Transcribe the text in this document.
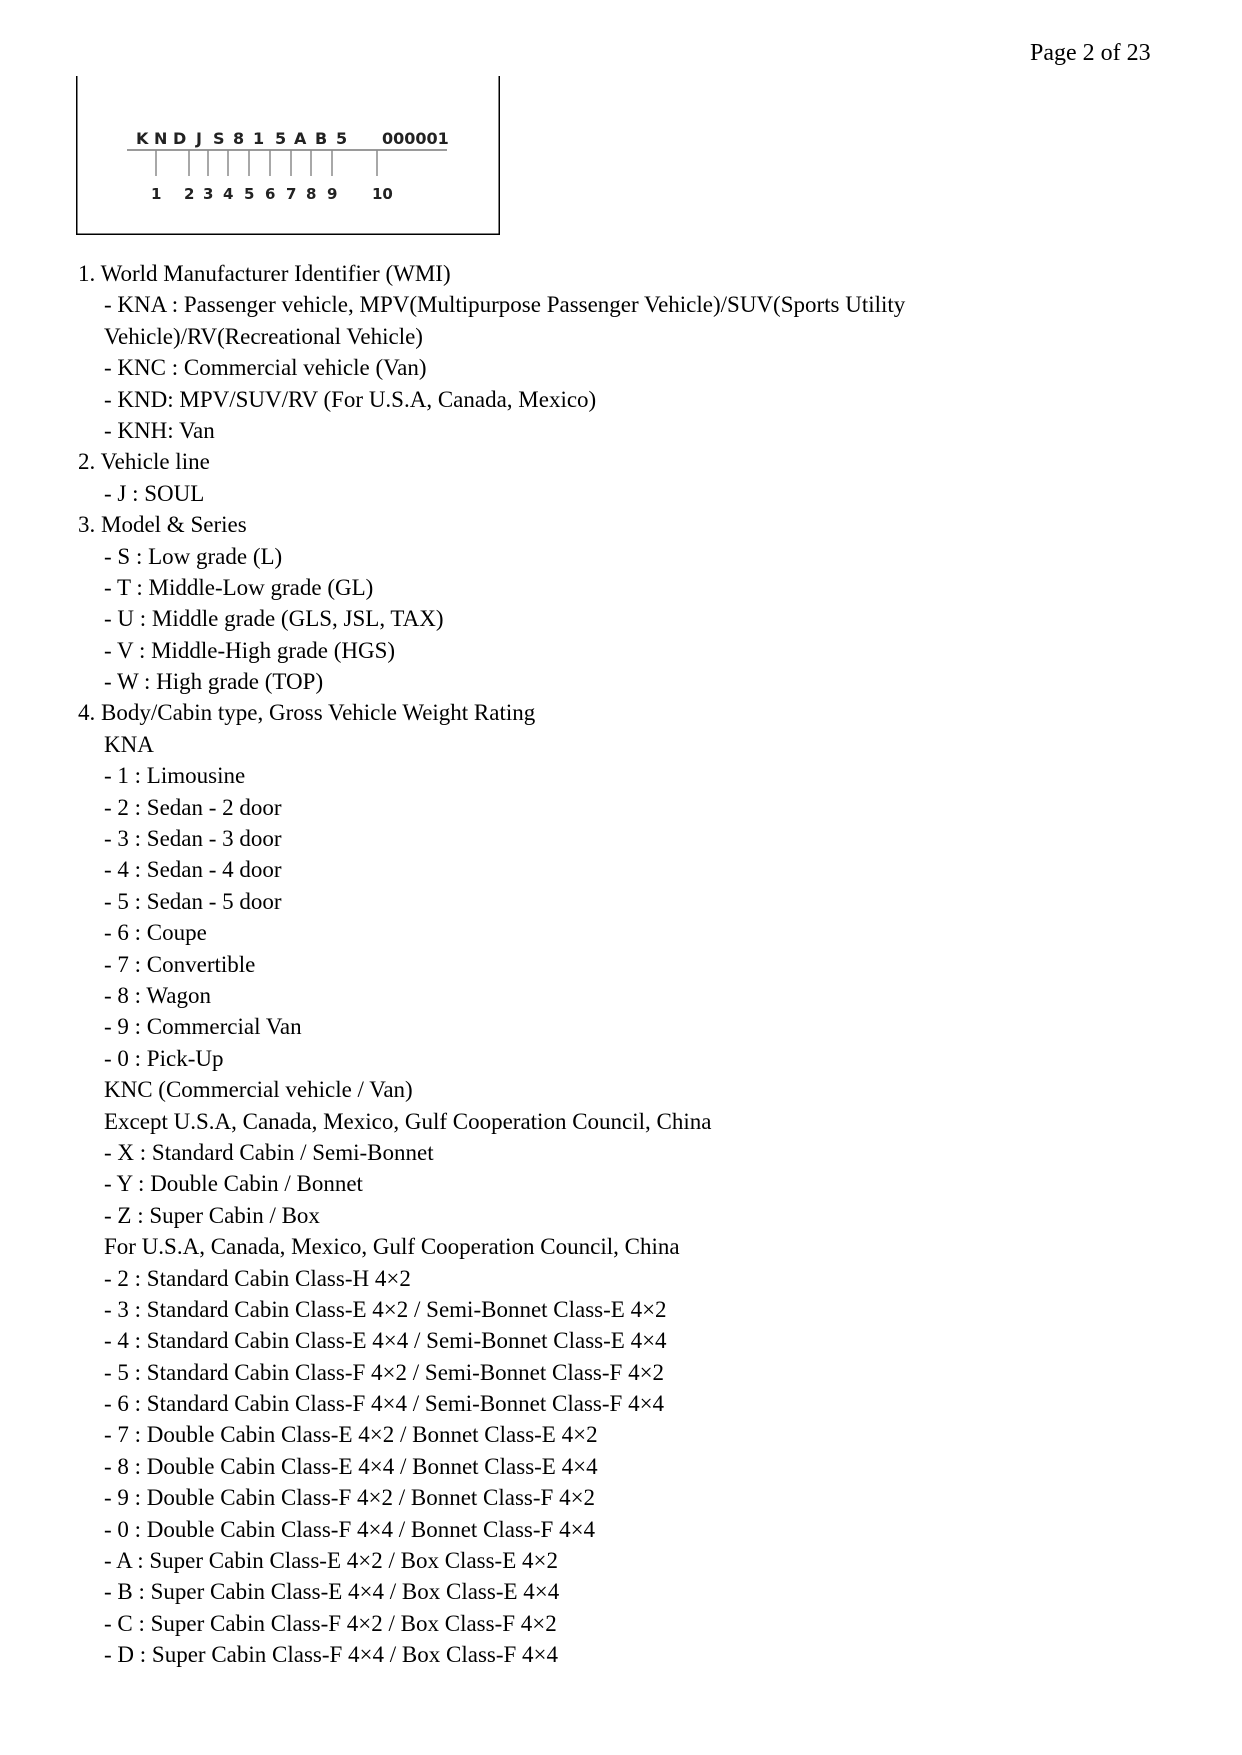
Page 2 of 23
K N D J S 8 1 5 A B 5 000001
1 2 3 4 5 6 7 8 9 10
1. World Manufacturer Identifier (WMI)
- KNA : Passenger vehicle, MPV(Multipurpose Passenger Vehicle)/SUV(Sports Utility
Vehicle)/RV(Recreational Vehicle)
- KNC : Commercial vehicle (Van)
- KND: MPV/SUV/RV (For U.S.A, Canada, Mexico)
- KNH: Van
2. Vehicle line
- J : SOUL
3. Model & Series
- S : Low grade (L)
- T : Middle-Low grade (GL)
- U : Middle grade (GLS, JSL, TAX)
- V : Middle-High grade (HGS)
- W : High grade (TOP)
4. Body/Cabin type, Gross Vehicle Weight Rating
KNA
- 1 : Limousine
- 2 : Sedan - 2 door
- 3 : Sedan - 3 door
- 4 : Sedan - 4 door
- 5 : Sedan - 5 door
- 6 : Coupe
- 7 : Convertible
- 8 : Wagon
- 9 : Commercial Van
- 0 : Pick-Up
KNC (Commercial vehicle / Van)
Except U.S.A, Canada, Mexico, Gulf Cooperation Council, China
- X : Standard Cabin / Semi-Bonnet
- Y : Double Cabin / Bonnet
- Z : Super Cabin / Box
For U.S.A, Canada, Mexico, Gulf Cooperation Council, China
- 2 : Standard Cabin Class-H 4×2
- 3 : Standard Cabin Class-E 4×2 / Semi-Bonnet Class-E 4×2
- 4 : Standard Cabin Class-E 4×4 / Semi-Bonnet Class-E 4×4
- 5 : Standard Cabin Class-F 4×2 / Semi-Bonnet Class-F 4×2
- 6 : Standard Cabin Class-F 4×4 / Semi-Bonnet Class-F 4×4
- 7 : Double Cabin Class-E 4×2 / Bonnet Class-E 4×2
- 8 : Double Cabin Class-E 4×4 / Bonnet Class-E 4×4
- 9 : Double Cabin Class-F 4×2 / Bonnet Class-F 4×2
- 0 : Double Cabin Class-F 4×4 / Bonnet Class-F 4×4
- A : Super Cabin Class-E 4×2 / Box Class-E 4×2
- B : Super Cabin Class-E 4×4 / Box Class-E 4×4
- C : Super Cabin Class-F 4×2 / Box Class-F 4×2
- D : Super Cabin Class-F 4×4 / Box Class-F 4×4
